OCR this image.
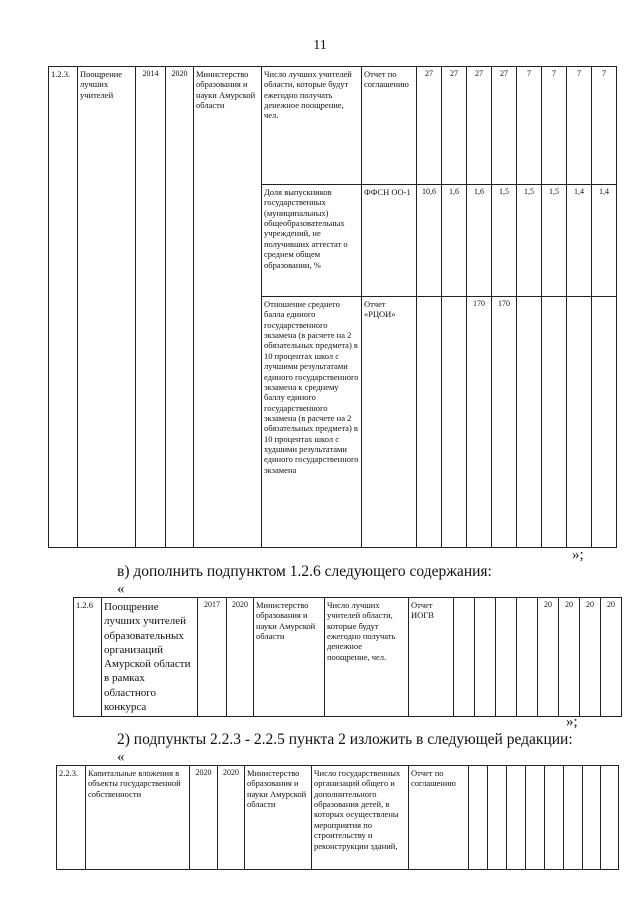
11
1.2.3.	Поощрение лучших учителей	2014	2020	Министерство образования и науки Амурской области	Число лучших учителей области, которые будут ежегодно получать денежное поощрение, чел.	Отчет по соглашению	27	27	27	27	7	7	7	7
					Доля выпускников государственных (муниципальных) общеобразовательных учреждений, не получивших аттестат о среднем общем образовании, %	ФФСН ОО-1	10,6	1,6	1,6	1,5	1,5	1,5	1,4	1,4
					Отношение среднего балла единого государственного экзамена (в расчете на 2 обязательных предмета) в 10 процентах школ с лучшими результатами единого государственного экзамена к среднему баллу единого государственного экзамена (в расчете на 2 обязательных предмета) в 10 процентах школ с худшими результатами единого государственного экзамена	Отчет «РЦОИ»			170	170				
»;
в) дополнить подпунктом 1.2.6 следующего содержания:
«
1.2.6	Поощрение лучших учителей образовательных организаций Амурской области в рамках областного конкурса	2017	2020	Министерство образования и науки Амурской области	Число лучших учителей области, которые будут ежегодно получать денежное поощрение, чел.	Отчет ИОГВ					20	20	20	20
»;
2) подпункты 2.2.3 - 2.2.5 пункта 2 изложить в следующей редакции:
«
2.2.3.	Капитальные вложения в объекты государственной собственности	2020	2020	Министерство образования и науки Амурской области	Число государственных организаций общего и дополнительного образования детей, в которых осуществлены мероприятия по строительству и реконструкции зданий,	Отчет по соглашению								
